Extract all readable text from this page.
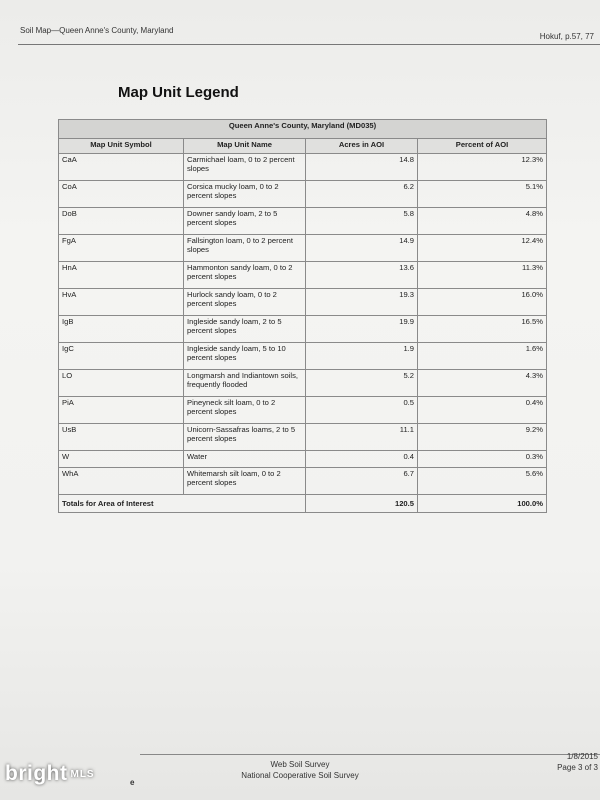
Soil Map—Queen Anne's County, Maryland
Hokuf, p.57, 77
Map Unit Legend
Queen Anne's County, Maryland (MD035)			
Map Unit Symbol	Map Unit Name	Acres in AOI	Percent of AOI
CaA	Carmichael loam, 0 to 2 percent slopes	14.8	12.3%
CoA	Corsica mucky loam, 0 to 2 percent slopes	6.2	5.1%
DoB	Downer sandy loam, 2 to 5 percent slopes	5.8	4.8%
FgA	Fallsington loam, 0 to 2 percent slopes	14.9	12.4%
HnA	Hammonton sandy loam, 0 to 2 percent slopes	13.6	11.3%
HvA	Hurlock sandy loam, 0 to 2 percent slopes	19.3	16.0%
IgB	Ingleside sandy loam, 2 to 5 percent slopes	19.9	16.5%
IgC	Ingleside sandy loam, 5 to 10 percent slopes	1.9	1.6%
LO	Longmarsh and Indiantown soils, frequently flooded	5.2	4.3%
PiA	Pineyneck silt loam, 0 to 2 percent slopes	0.5	0.4%
UsB	Unicorn-Sassafras loams, 2 to 5 percent slopes	11.1	9.2%
W	Water	0.4	0.3%
WhA	Whitemarsh silt loam, 0 to 2 percent slopes	6.7	5.6%
Totals for Area of Interest		120.5	100.0%
Web Soil Survey
National Cooperative Soil Survey
1/8/2015
Page 3 of 3
e
bright MLS
